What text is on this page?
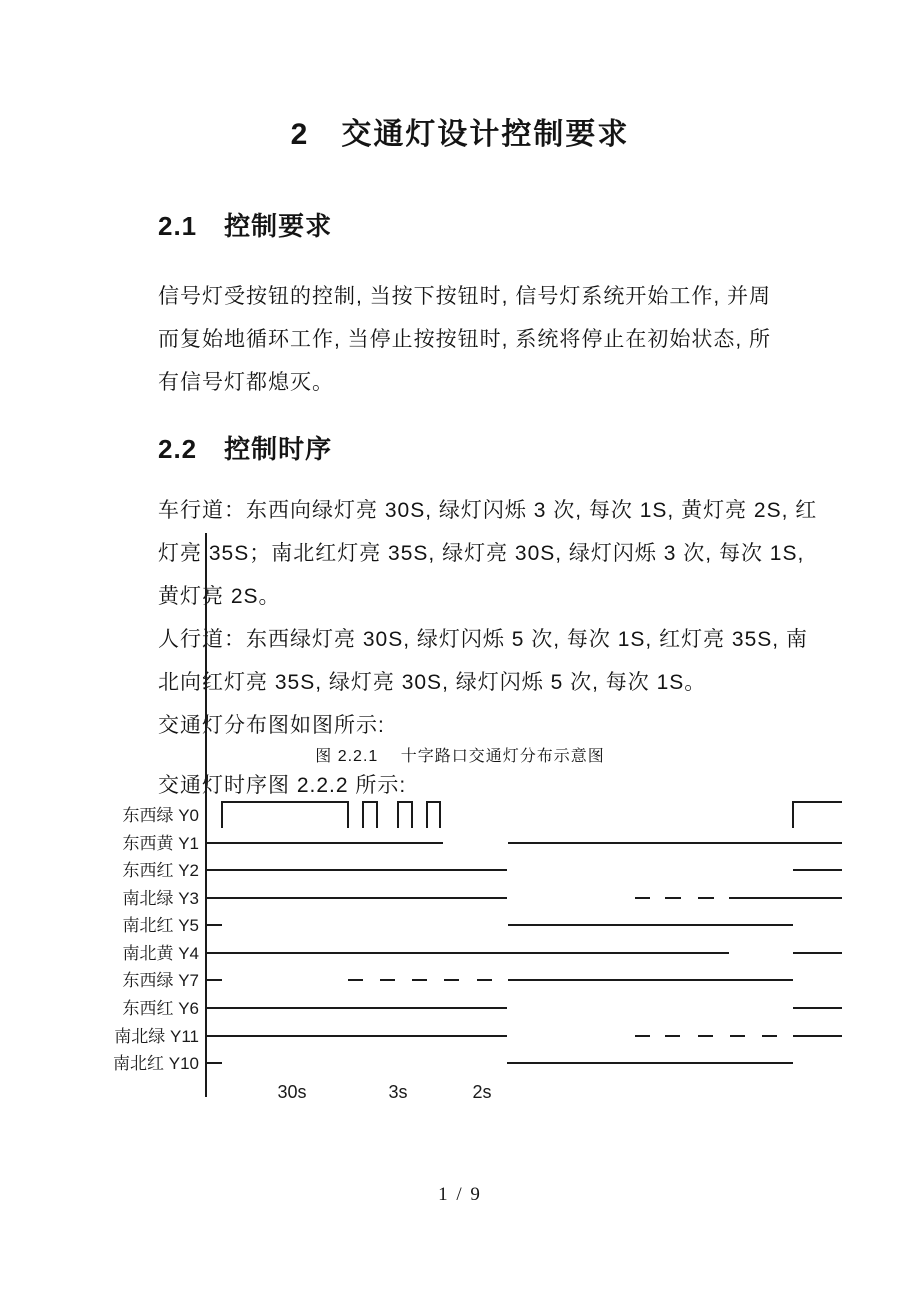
2　交通灯设计控制要求
2.1　控制要求
信号灯受按钮的控制, 当按下按钮时, 信号灯系统开始工作, 并周
而复始地循环工作, 当停止按按钮时, 系统将停止在初始状态, 所
有信号灯都熄灭。
2.2　控制时序
车行道：东西向绿灯亮 30S, 绿灯闪烁 3 次, 每次 1S, 黄灯亮 2S, 红
灯亮 35S；南北红灯亮 35S, 绿灯亮 30S, 绿灯闪烁 3 次, 每次 1S,
黄灯亮 2S。
人行道：东西绿灯亮 30S, 绿灯闪烁 5 次, 每次 1S, 红灯亮 35S, 南
北向红灯亮 35S, 绿灯亮 30S, 绿灯闪烁 5 次, 每次 1S。
交通灯分布图如图所示:
图 2.2.1　 十字路口交通灯分布示意图
交通灯时序图 2.2.2 所示:
东西绿 Y0
东西黄 Y1
东西红 Y2
南北绿 Y3
南北红 Y5
南北黄 Y4
东西绿 Y7
东西红 Y6
南北绿 Y11
南北红 Y10
30s	3s	2s
1 / 9
